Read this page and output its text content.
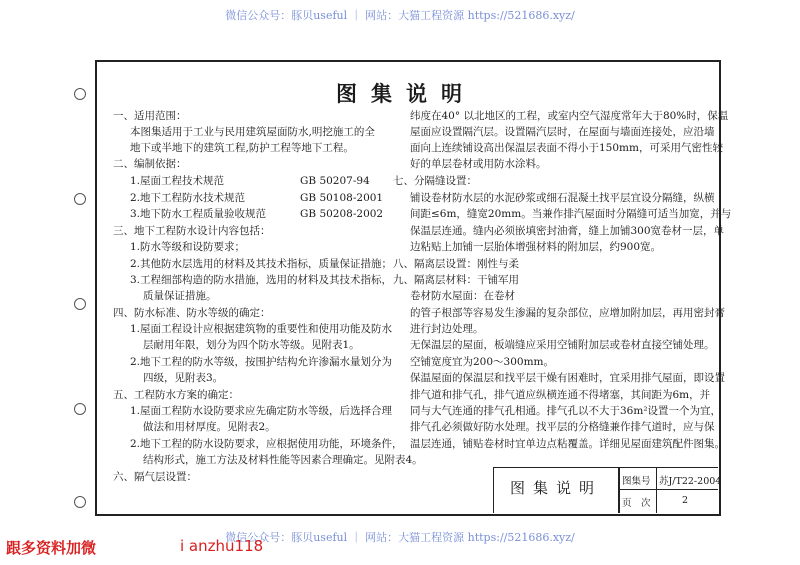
微信公众号：豚贝useful ｜ 网站：大猫工程资源 https://521686.xyz/
图集说明
一、适用范围：
本图集适用于工业与民用建筑屋面防水,明挖施工的全
地下或半地下的建筑工程,防护工程等地下工程。
二、编制依据：
1.屋面工程技术规范	GB 50207-94
2.地下工程防水技术规范	GB 50108-2001
3.地下防水工程质量验收规范	GB 50208-2002
三、地下工程防水设计内容包括：
1.防水等级和设防要求；
2.其他防水层选用的材料及其技术指标，质量保证措施；
3.工程细部构造的防水措施，选用的材料及其技术指标，
质量保证措施。
四、防水标准、防水等级的确定：
1.屋面工程设计应根据建筑物的重要性和使用功能及防水
层耐用年限，划分为四个防水等级。见附表1。
2.地下工程的防水等级，按围护结构允许渗漏水量划分为
四级，见附表3。
五、工程防水方案的确定：
1.屋面工程防水设防要求应先确定防水等级，后选择合理
做法和用材厚度。见附表2。
2.地下工程的防水设防要求，应根据使用功能，环境条件，
结构形式，施工方法及材料性能等因素合理确定。见附表4。
六、隔气层设置：
纬度在40° 以北地区的工程，或室内空气湿度常年大于80%时，保温
屋面应设置隔汽层。设置隔汽层时，在屋面与墙面连接处，应沿墙
面向上连续铺设高出保温层表面不得小于150mm，可采用气密性较
好的单层卷材或用防水涂料。
七、分隔缝设置：
铺设卷材防水层的水泥砂浆或细石混凝土找平层宜设分隔缝，纵横
间距≤6m，缝宽20mm。当兼作排汽屋面时分隔缝可适当加宽，并与
保温层连通。缝内必须嵌填密封油膏，缝上加铺300宽卷材一层，单
边粘贴上加铺一层胎体增强材料的附加层，约900宽。
八、隔离层设置：刚性与柔
九、隔离层材料：干铺军用
卷材防水屋面：在卷材
的管子根部等容易发生渗漏的复杂部位，应增加附加层，再用密封膏
进行封边处理。
无保温层的屋面，板端缝应采用空铺附加层或卷材直接空铺处理。
空铺宽度宜为200～300mm。
保温屋面的保温层和找平层干燥有困难时，宜采用排气屋面，即设置
排气道和排气孔，排气道应纵横连通不得堵塞，其间距为6m，并
同与大气连通的排气孔相通。排气孔以不大于36m²设置一个为宜，
排气孔必须做好防水处理。找平层的分格缝兼作排气道时，应与保
温层连通，铺贴卷材时宜单边点粘覆盖。详细见屋面建筑配件图集。
图集说明	图集号 苏J/T22-2004
页　次	2
微信公众号：豚贝useful ｜ 网站：大猫工程资源 https://521686.xyz/
跟多资料加微	i anzhu118
